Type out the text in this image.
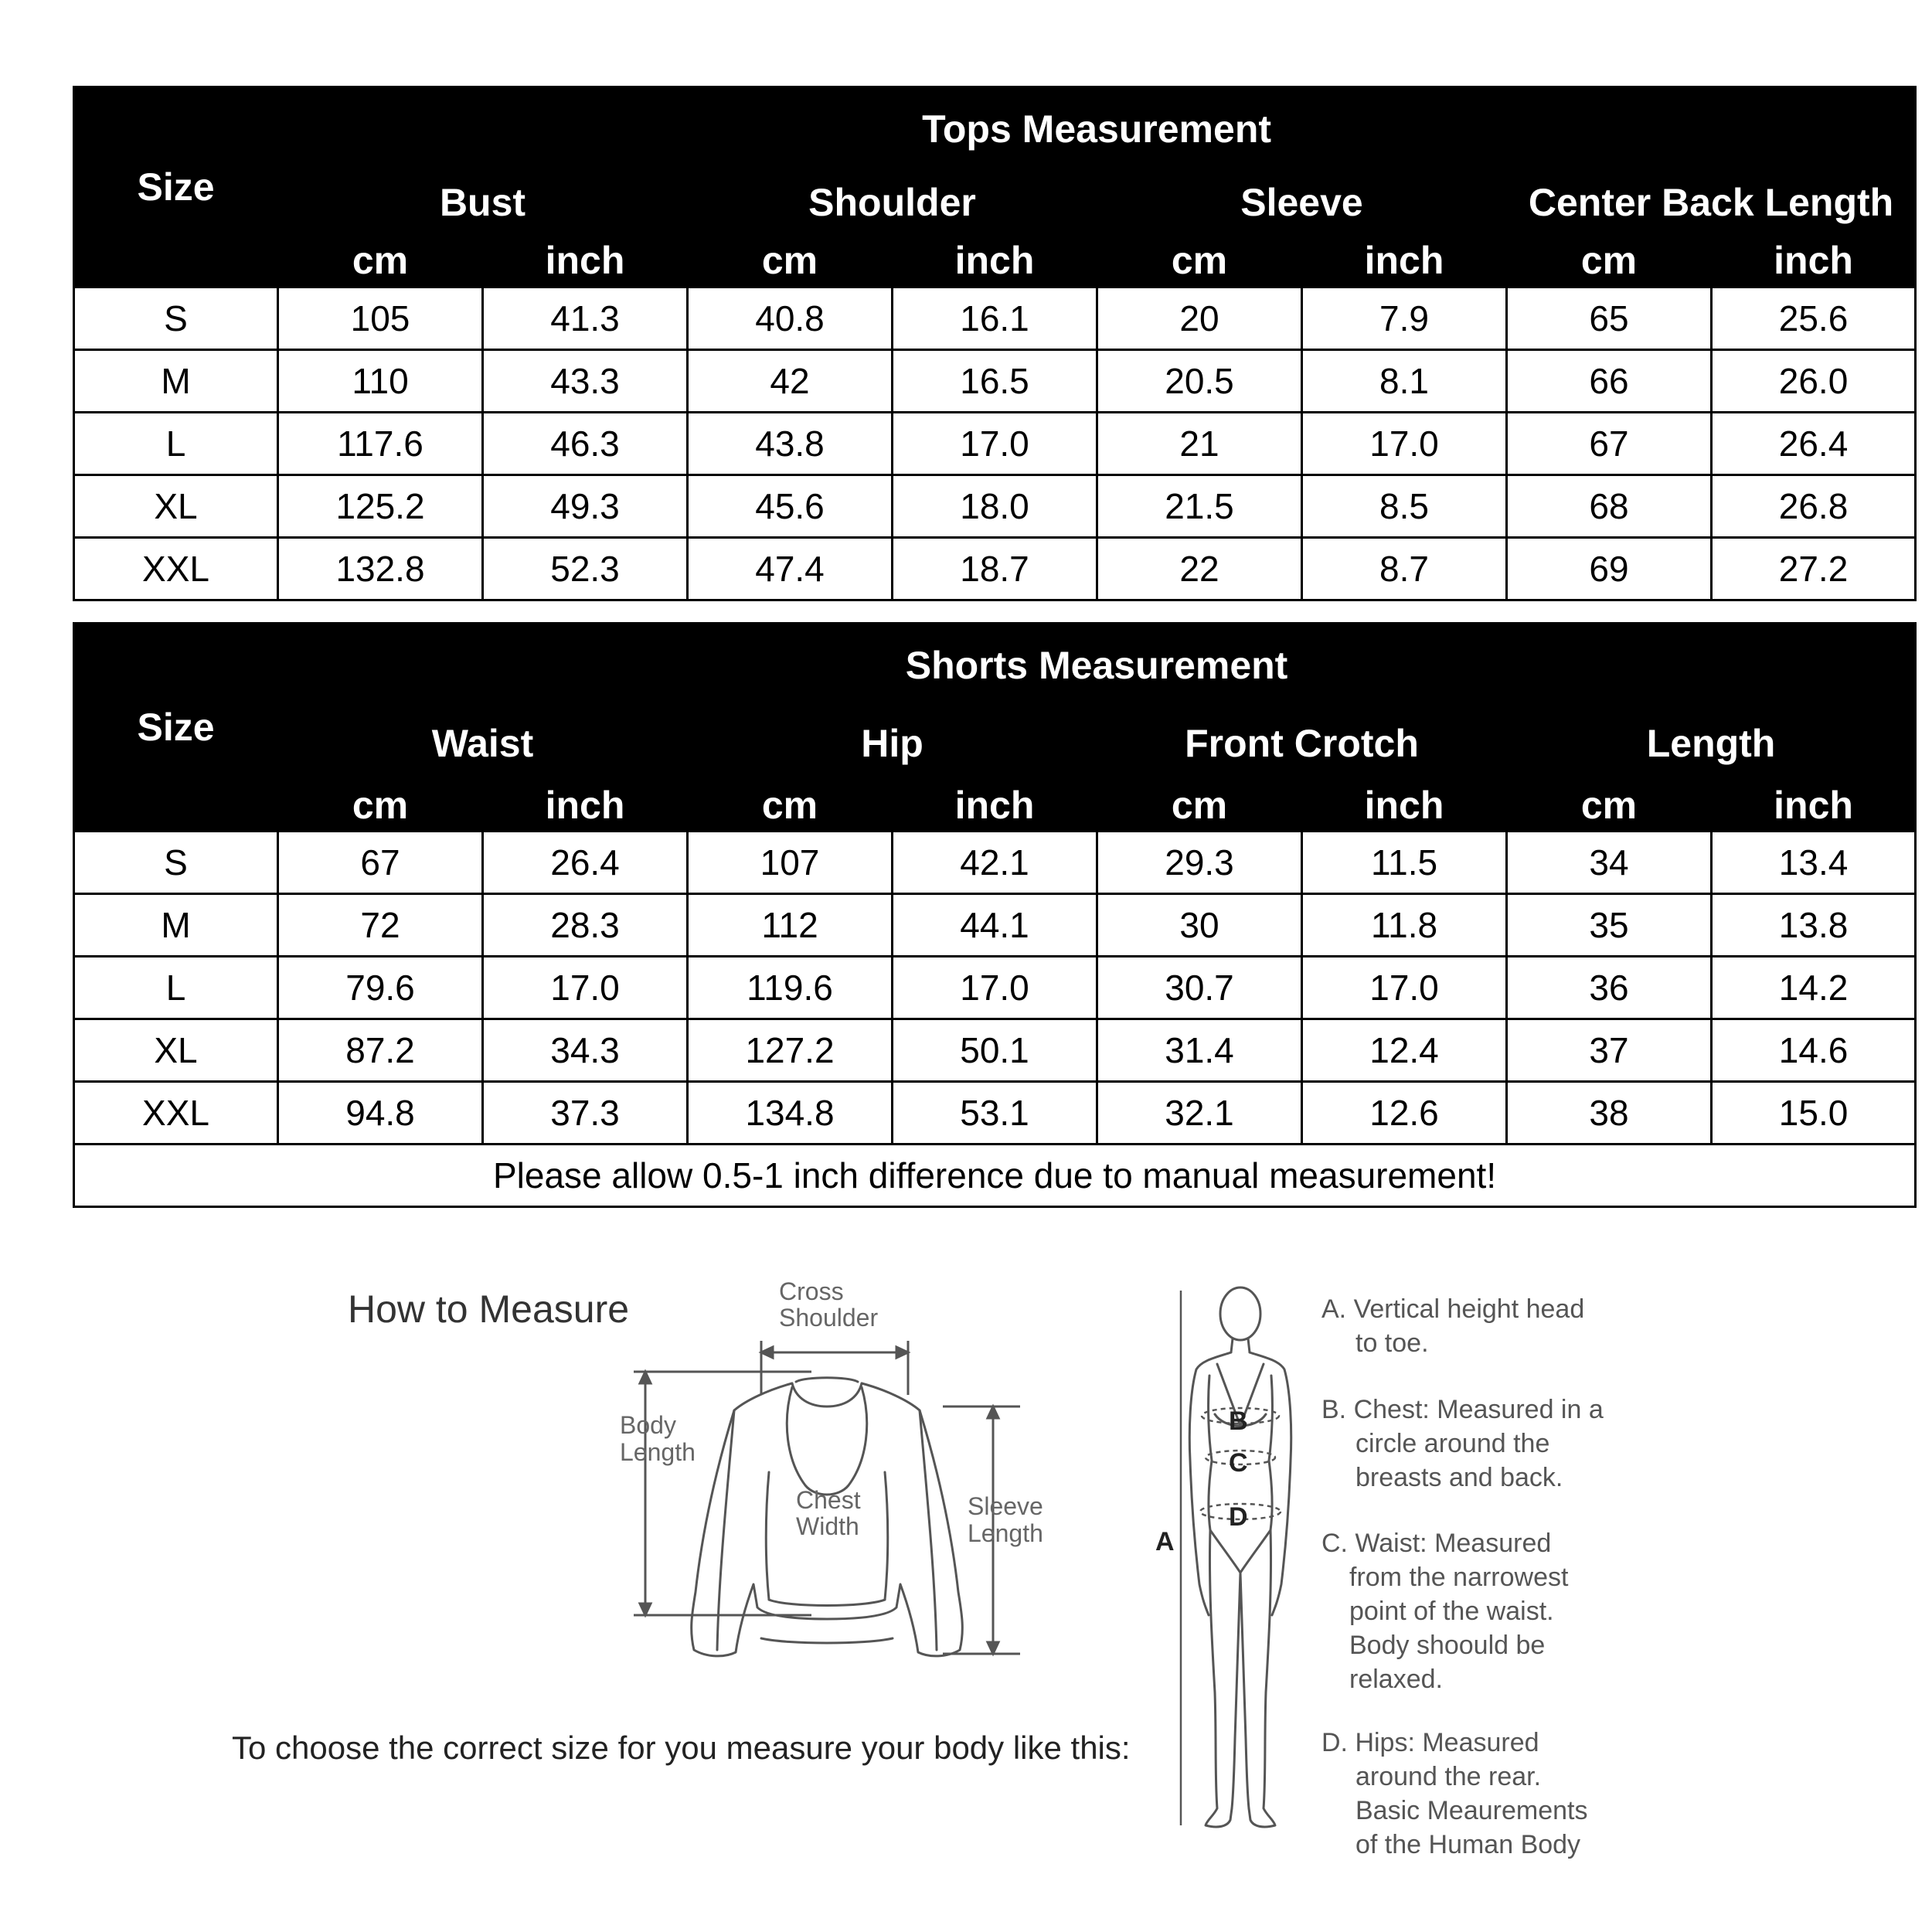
Size	Tops Measurement							
	Bust		Shoulder		Sleeve		Center Back Length	
	cm	inch	cm	inch	cm	inch	cm	inch
S	105	41.3	40.8	16.1	20	7.9	65	25.6
M	110	43.3	42	16.5	20.5	8.1	66	26.0
L	117.6	46.3	43.8	17.0	21	17.0	67	26.4
XL	125.2	49.3	45.6	18.0	21.5	8.5	68	26.8
XXL	132.8	52.3	47.4	18.7	22	8.7	69	27.2
Size	Shorts Measurement							
	Waist		Hip		Front Crotch		Length	
	cm	inch	cm	inch	cm	inch	cm	inch
S	67	26.4	107	42.1	29.3	11.5	34	13.4
M	72	28.3	112	44.1	30	11.8	35	13.8
L	79.6	17.0	119.6	17.0	30.7	17.0	36	14.2
XL	87.2	34.3	127.2	50.1	31.4	12.4	37	14.6
XXL	94.8	37.3	134.8	53.1	32.1	12.6	38	15.0
Please allow 0.5-1 inch difference due to manual measurement!								
How to Measure
To choose the correct size for you measure your body like this:
Cross
Shoulder
Body
Length
Chest
Width
Sleeve
Length
B
C
D
A
A. Vertical height head
to toe.
B. Chest: Measured in a
circle around the
breasts and back.
C. Waist: Measured
from the narrowest
point of the waist.
Body shoould be
relaxed.
D. Hips: Measured
around the rear.
Basic Meaurements
of the Human Body
